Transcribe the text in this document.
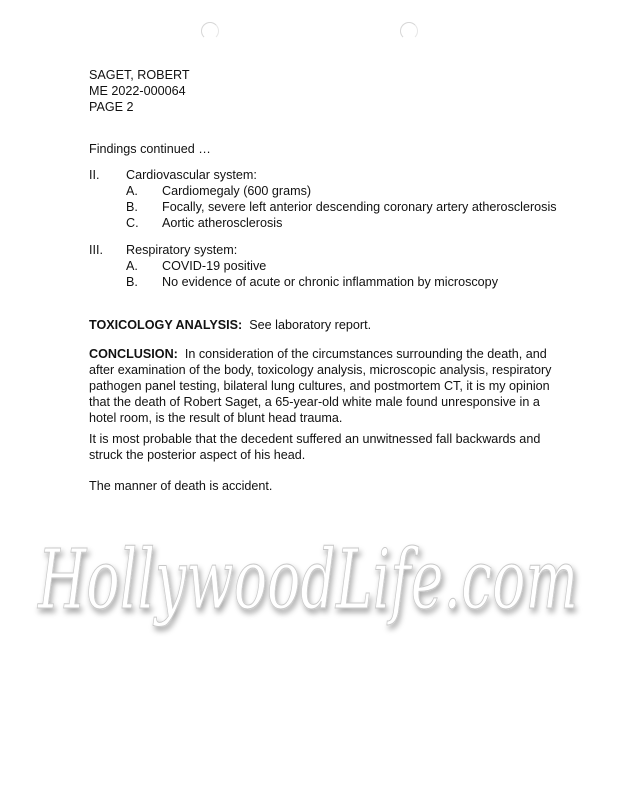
SAGET, ROBERT
ME 2022-000064
PAGE 2
Findings continued …
II. Cardiovascular system:
A. Cardiomegaly (600 grams)
B. Focally, severe left anterior descending coronary artery atherosclerosis
C. Aortic atherosclerosis
III. Respiratory system:
A. COVID-19 positive
B. No evidence of acute or chronic inflammation by microscopy
TOXICOLOGY ANALYSIS: See laboratory report.
CONCLUSION: In consideration of the circumstances surrounding the death, and after examination of the body, toxicology analysis, microscopic analysis, respiratory pathogen panel testing, bilateral lung cultures, and postmortem CT, it is my opinion that the death of Robert Saget, a 65-year-old white male found unresponsive in a hotel room, is the result of blunt head trauma.
It is most probable that the decedent suffered an unwitnessed fall backwards and struck the posterior aspect of his head.
The manner of death is accident.
HollywoodLife.com
